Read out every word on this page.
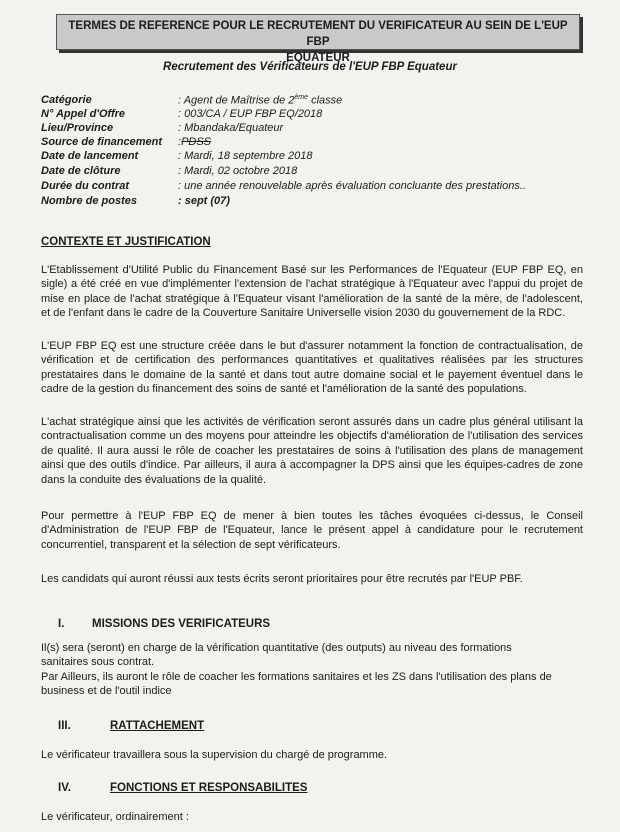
TERMES DE REFERENCE POUR LE RECRUTEMENT DU VERIFICATEUR AU SEIN DE L'EUP FBP
EQUATEUR
Recrutement des Vérificateurs de l'EUP FBP Equateur
Catégorie	: Agent de Maîtrise de 2ème classe
N° Appel d'Offre	: 003/CA / EUP FBP EQ/2018
Lieu/Province	: Mbandaka/Equateur
Source de financement :PDSS
Date de lancement	: Mardi, 18 septembre 2018
Date de clôture	: Mardi, 02 octobre 2018
Durée du contrat	: une année renouvelable après évaluation concluante des prestations..
Nombre de postes	: sept (07)
CONTEXTE ET JUSTIFICATION

L'Etablissement d'Utilité Public du Financement Basé sur les Performances de l'Equateur (EUP FBP EQ, en sigle) a été créé en vue d'implémenter l'extension de l'achat stratégique à l'Equateur avec l'appui du projet de mise en place de l'achat stratégique à l'Equateur visant l'amélioration de la santé de la mère, de l'adolescent, et de l'enfant dans le cadre de la Couverture Sanitaire Universelle vision 2030 du gouvernement de la RDC.

L'EUP FBP EQ est une structure créée dans le but d'assurer notamment la fonction de contractualisation, de vérification et de certification des performances quantitatives et qualitatives réalisées par les structures prestataires dans le domaine de la santé et dans tout autre domaine social et le payement éventuel dans le cadre de la gestion du financement des soins de santé et l'amélioration de la santé des populations.

L'achat stratégique ainsi que les activités de vérification seront assurés dans un cadre plus général utilisant la contractualisation comme un des moyens pour atteindre les objectifs d'amélioration de l'utilisation des services de qualité. Il aura aussi le rôle de coacher les prestataires de soins à l'utilisation des plans de management ainsi que des outils d'indice. Par ailleurs, il aura à accompagner la DPS ainsi que les équipes-cadres de zone dans la conduite des évaluations de la qualité.

Pour permettre à l'EUP FBP EQ de mener à bien toutes les tâches évoquées ci-dessus, le Conseil d'Administration de l'EUP FBP de l'Equateur, lance le présent appel à candidature pour le recrutement concurrentiel, transparent et la sélection de sept vérificateurs.

Les candidats qui auront réussi aux tests écrits seront prioritaires pour être recrutés par l'EUP PBF.

I. MISSIONS DES VERIFICATEURS

Il(s) sera (seront) en charge de la vérification quantitative (des outputs) au niveau des formations sanitaires sous contrat.

Par Ailleurs, ils auront le rôle de coacher les formations sanitaires et les ZS dans l'utilisation des plans de business et de l'outil indice

III.	RATTACHEMENT

Le vérificateur travaillera sous la supervision du chargé de programme.

IV.	FONCTIONS ET RESPONSABILITES

Le vérificateur, ordinairement :
